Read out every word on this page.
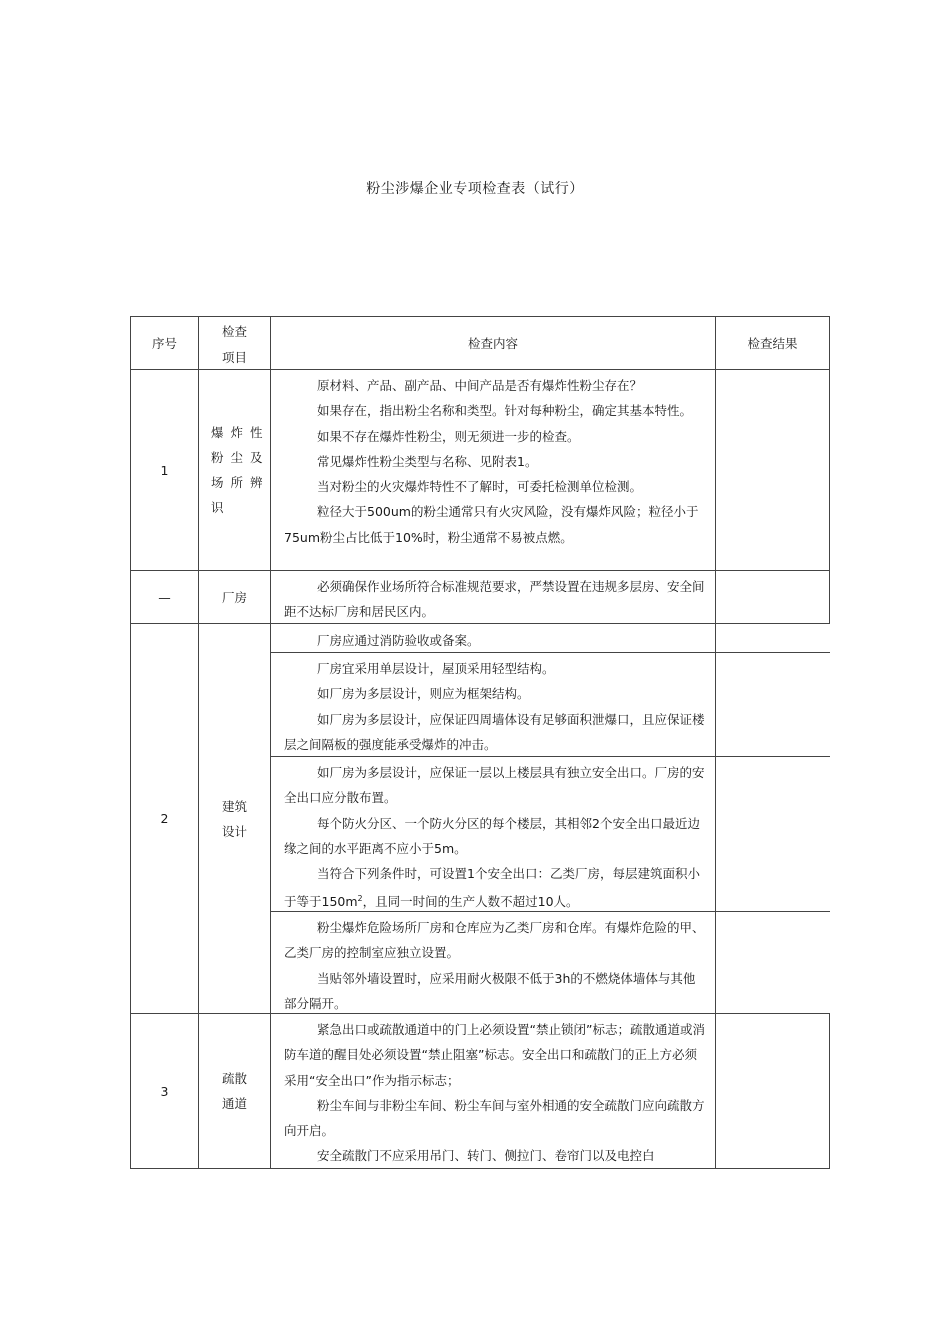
粉尘涉爆企业专项检查表（试行）
序号
检查
项目
检查内容	检查结果
1
爆炸性
粉尘及
场所辨
识

原材料、产品、副产品、中间产品是否有爆炸性粉尘存在？

如果存在，指出粉尘名称和类型。针对每种粉尘，确定其基本特性。

如果不存在爆炸性粉尘，则无须进一步的检查。

常见爆炸性粉尘类型与名称、见附表1。

当对粉尘的火灾爆炸特性不了解时，可委托检测单位检测。

粒径大于500um的粉尘通常只有火灾风险，没有爆炸风险；粒径小于75um粉尘占比低于10%时，粉尘通常不易被点燃。

—	厂房

必须确保作业场所符合标准规范要求，严禁设置在违规多层房、安全间距不达标厂房和居民区内。

2
建筑
设计

厂房应通过消防验收或备案。

厂房宜采用单层设计，屋顶采用轻型结构。

如厂房为多层设计，则应为框架结构。

如厂房为多层设计，应保证四周墙体设有足够面积泄爆口，且应保证楼层之间隔板的强度能承受爆炸的冲击。

如厂房为多层设计，应保证一层以上楼层具有独立安全出口。厂房的安全出口应分散布置。

每个防火分区、一个防火分区的每个楼层，其相邻2个安全出口最近边缘之间的水平距离不应小于5m。

当符合下列条件时，可设置1个安全出口：乙类厂房，每层建筑面积小于等于$150m^2$，且同一时间的生产人数不超过10人。

粉尘爆炸危险场所厂房和仓库应为乙类厂房和仓库。有爆炸危险的甲、乙类厂房的控制室应独立设置。

当贴邻外墙设置时，应采用耐火极限不低于3h的不燃烧体墙体与其他部分隔开。

3
疏散
通道

紧急出口或疏散通道中的门上必须设置“禁止锁闭”标志；疏散通道或消防车道的醒目处必须设置“禁止阻塞”标志。安全出口和疏散门的正上方必须采用“安全出口”作为指示标志；

粉尘车间与非粉尘车间、粉尘车间与室外相通的安全疏散门应向疏散方向开启。

安全疏散门不应采用吊门、转门、侧拉门、卷帘门以及电控白
